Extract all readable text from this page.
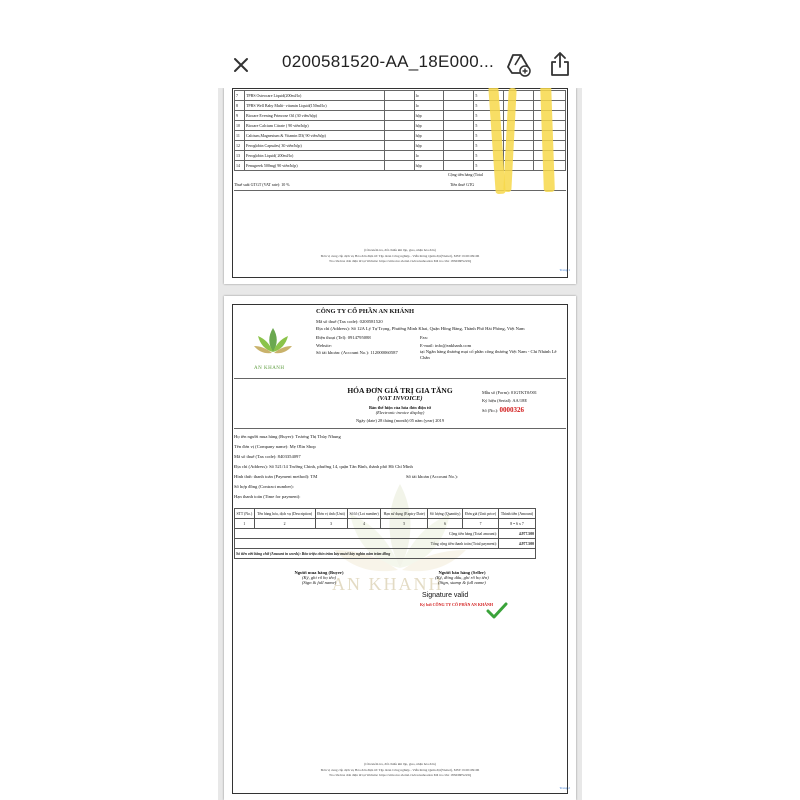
0200581520-AA_18E000...
7	TPBS Osteocare Liquid(200ml/lo)		lo		5		
8	TPBS Well Baby Multi- vitamin Liquid(150ml/lo)		lo		5		
9	Biocare Evening Primrose Oil (30 viên/hộp)		hộp		5		
10	Biocare Calcium Citrate ( 90 viên/hộp)		hộp		5		
11	Calcium,Magnesium & Vitamin D3( 90 viên/hộp)		hộp		5		
12	Feroglobin Capsules( 30 viên/hộp)		hộp		5		
13	Feroglobin Liquid( 200ml/lo)		lo		5		
14	Fenugreek 500mg( 90 viên/hộp)		hộp		5		
Cộng tiền hàng (Total
Thuế suất GTGT (VAT rate): 10 %	Tiền thuế GTG
(Cần kiểm tra, đối chiếu khi lập, giao, nhận hóa đơn)
Đơn vị cung cấp dịch vụ Hóa đơn điện tử: Tập đoàn Công nghiệp - Viễn thông Quân đội(Viettel), MST: 0100109106
Tra cứu hóa đơn điện tử tại Website: https://sinvoice.viettel.vn/tracuuhoadon Mã tra cứu: 18XD6PS22IQ
Trang 1
AN KHANH
CÔNG TY CỔ PHẦN AN KHÁNH
Mã số thuế (Tax code): 0200581520
Địa chỉ (Address): Số 12A Lý Tự Trọng, Phường Minh Khai, Quận Hồng Bàng, Thành Phố Hải Phòng, Việt Nam
Điện thoại (Tel): 0914795088	Fax:
Website:	E-mail: info@ankhanh.com
Số tài khoản: (Account No.): 112000060587	tại Ngân hàng thương mại cổ phần công thương Việt Nam - Chi Nhánh Lê Chân
HÓA ĐƠN GIÁ TRỊ GIA TĂNG
(VAT INVOICE)
Bản thể hiện của hóa đơn điện tử
(Electronic invoice display)
Ngày (date) 28 tháng (month) 05 năm (year) 2019
Mẫu số (Form): 01GTKT0/001
Ký hiệu (Serial): AA/18E
Số (No.): 0000326
Họ tên người mua hàng (Buyer): Trương Thị Thùy Nhung
Tên đơn vị (Company name): Mẹ Ơlin Shop
Mã số thuế (Tax code): 8403354097
Địa chỉ (Address): Số 521/14 Trường Chinh, phường 14, quận Tân Bình, thành phố Hồ Chí Minh
Hình thức thanh toán (Payment method): TM	Số tài khoản (Account No.):
Số hợp đồng (Contract number):
Hạn thanh toán (Time for payment):
STT (No.)	Tên hàng hóa, dịch vụ (Description)	Đơn vị tính (Unit)	Số lô (Lot number)	Hạn sử dụng (Expiry Date)	Số lượng (Quantity)	Đơn giá (Unit price)	Thành tiền (Amount)
1	2	3	4	5	6	7	8 = 6 x 7
Cộng tiền hàng (Total amount):							4.977.500
Tổng cộng tiền thanh toán (Total payment):							4.977.500
Số tiền viết bằng chữ (Amount in words): Bốn triệu chín trăm bảy mươi bảy nghìn năm trăm đồng							
AN KHANH
Người mua hàng (Buyer)
(Ký, ghi rõ họ tên)
(Sign & full name)
Người bán hàng (Seller)
(Ký, đóng dấu, ghi rõ họ tên)
(Sign, stamp & full name)
Signature valid
Ký bởi CÔNG TY CỔ PHẦN AN KHÁNH
(Cần kiểm tra, đối chiếu khi lập, giao, nhận hóa đơn)
Đơn vị cung cấp dịch vụ Hóa đơn điện tử: Tập đoàn Công nghiệp - Viễn thông Quân đội(Viettel), MST: 0100109106
Tra cứu hóa đơn điện tử tại Website: https://sinvoice.viettel.vn/tracuuhoadon Mã tra cứu: 18XD6PS22IQ
Trang 2
